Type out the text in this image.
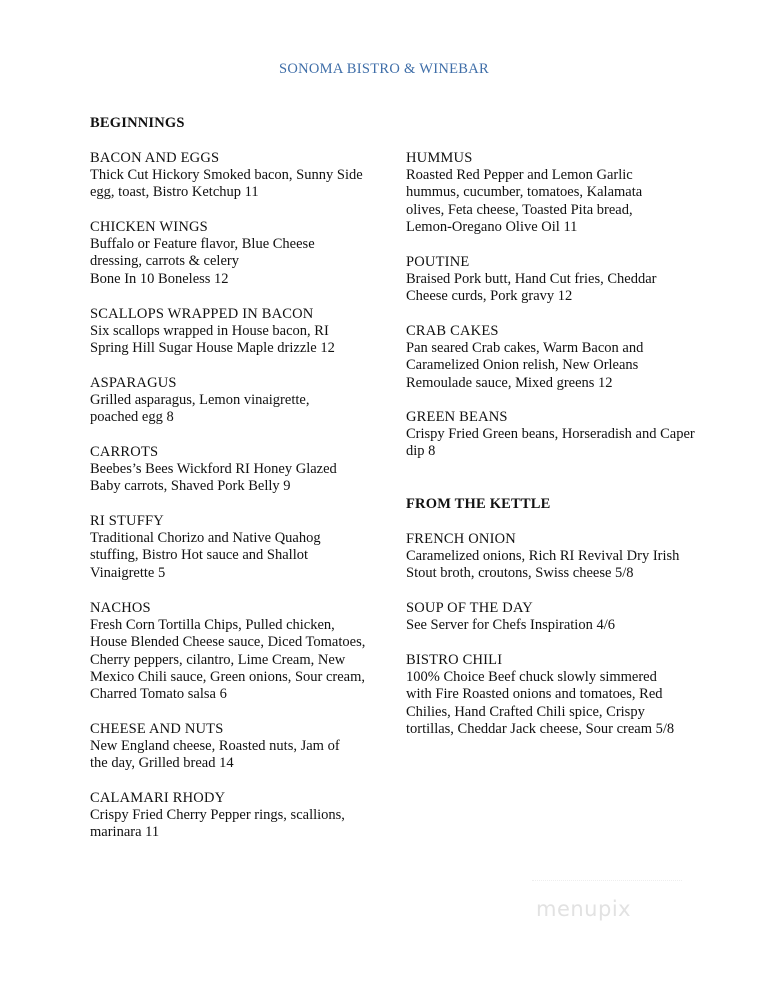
SONOMA BISTRO & WINEBAR
BEGINNINGS
BACON AND EGGS
Thick Cut Hickory Smoked bacon, Sunny Side egg, toast, Bistro Ketchup 11
CHICKEN WINGS
Buffalo or Feature flavor, Blue Cheese dressing, carrots & celery
Bone In 10 Boneless 12
SCALLOPS WRAPPED IN BACON
Six scallops wrapped in House bacon, RI Spring Hill Sugar House Maple drizzle 12
ASPARAGUS
Grilled asparagus, Lemon vinaigrette, poached egg 8
CARROTS
Beebes’s Bees Wickford RI Honey Glazed Baby carrots, Shaved Pork Belly 9
RI STUFFY
Traditional Chorizo and Native Quahog stuffing, Bistro Hot sauce and Shallot Vinaigrette 5
NACHOS
Fresh Corn Tortilla Chips, Pulled chicken, House Blended Cheese sauce, Diced Tomatoes, Cherry peppers, cilantro, Lime Cream, New Mexico Chili sauce, Green onions, Sour cream, Charred Tomato salsa 6
CHEESE AND NUTS
New England cheese, Roasted nuts, Jam of the day, Grilled bread 14
CALAMARI RHODY
Crispy Fried Cherry Pepper rings, scallions, marinara 11
HUMMUS
Roasted Red Pepper and Lemon Garlic hummus, cucumber, tomatoes, Kalamata olives, Feta cheese, Toasted Pita bread, Lemon-Oregano Olive Oil 11
POUTINE
Braised Pork butt, Hand Cut fries, Cheddar Cheese curds, Pork gravy 12
CRAB CAKES
Pan seared Crab cakes, Warm Bacon and Caramelized Onion relish, New Orleans Remoulade sauce, Mixed greens 12
GREEN BEANS
Crispy Fried Green beans, Horseradish and Caper dip 8
FROM THE KETTLE
FRENCH ONION
Caramelized onions, Rich RI Revival Dry Irish Stout broth, croutons, Swiss cheese 5/8
SOUP OF THE DAY
See Server for Chefs Inspiration 4/6
BISTRO CHILI
100% Choice Beef chuck slowly simmered with Fire Roasted onions and tomatoes, Red Chilies, Hand Crafted Chili spice, Crispy tortillas, Cheddar Jack cheese, Sour cream 5/8
menupix
